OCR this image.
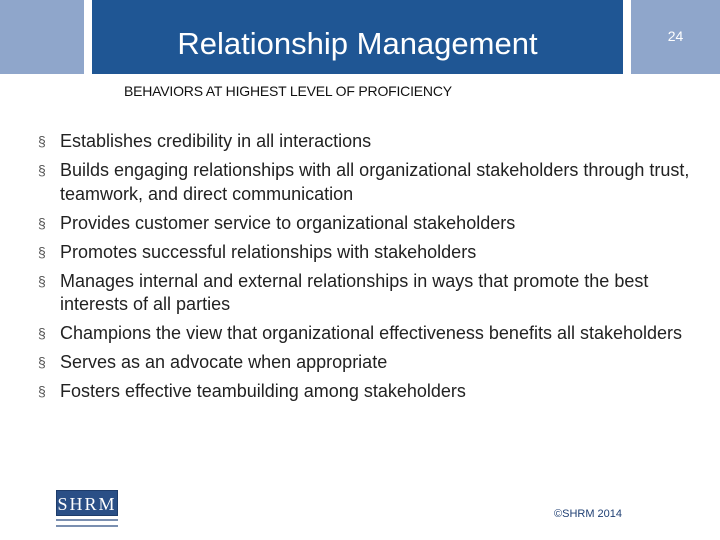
Relationship Management	24
BEHAVIORS AT HIGHEST LEVEL OF PROFICIENCY
§ Establishes credibility in all interactions
§ Builds engaging relationships with all organizational stakeholders through trust, teamwork, and direct communication
§ Provides customer service to organizational stakeholders
§ Promotes successful relationships with stakeholders
§ Manages internal and external relationships in ways that promote the best interests of all parties
§ Champions the view that organizational effectiveness benefits all stakeholders
§ Serves as an advocate when appropriate
§ Fosters effective teambuilding among stakeholders
SHRM	©SHRM 2014
